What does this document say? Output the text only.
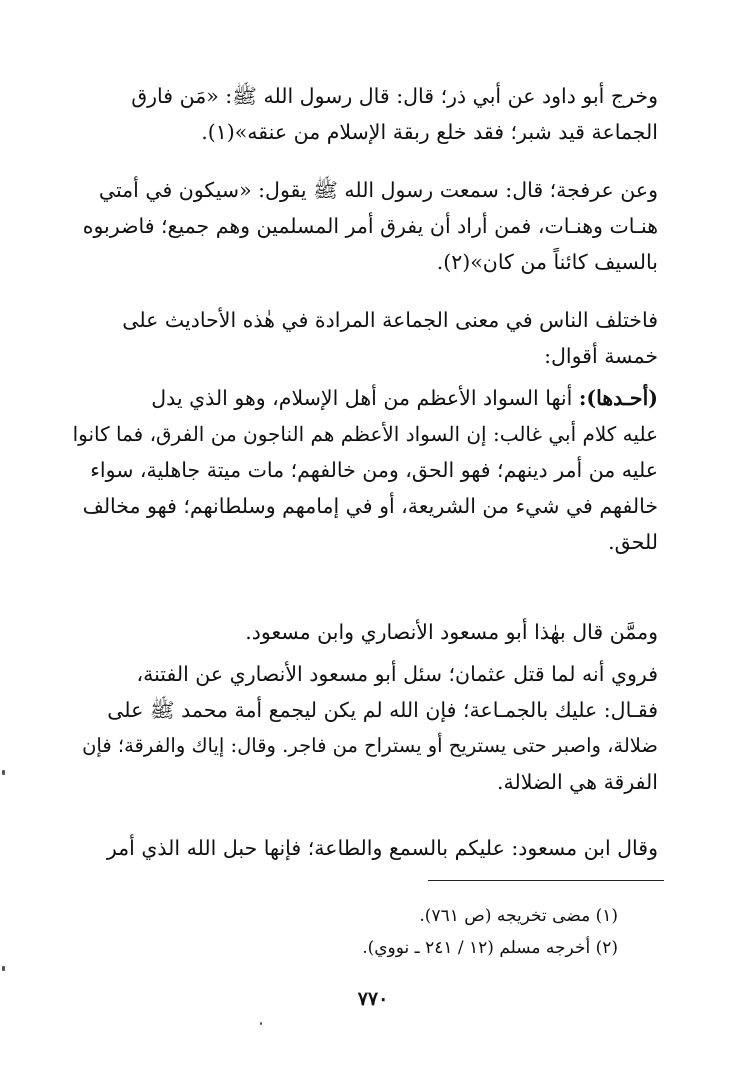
وخرج أبو داود عن أبي ذر؛ قال: قال رسول الله ﷺ: «مَن فارق
الجماعة قيد شبر؛ فقد خلع ربقة الإسلام من عنقه»(١).
وعن عرفجة؛ قال: سمعت رسول الله ﷺ يقول: «سيكون في أمتي
هنـات وهنـات، فمن أراد أن يفرق أمر المسلمين وهم جميع؛ فاضربوه
بالسيف كائناً من كان»(٢).
فاختلف الناس في معنى الجماعة المرادة في هٰذه الأحاديث على
خمسة أقوال:
(أحـدها): أنها السواد الأعظم من أهل الإسلام، وهو الذي يدل
عليه كلام أبي غالب: إن السواد الأعظم هم الناجون من الفرق، فما كانوا
عليه من أمر دينهم؛ فهو الحق، ومن خالفهم؛ مات ميتة جاهلية، سواء
خالفهم في شيء من الشريعة، أو في إمامهم وسلطانهم؛ فهو مخالف
للحق.
وممَّن قال بهٰذا أبو مسعود الأنصاري وابن مسعود.
فروي أنه لما قتل عثمان؛ سئل أبو مسعود الأنصاري عن الفتنة،
فقـال: عليك بالجمـاعة؛ فإن الله لم يكن ليجمع أمة محمد ﷺ على
ضلالة، واصبر حتى يستريح أو يستراح من فاجر. وقال: إياك والفرقة؛ فإن
الفرقة هي الضلالة.
وقال ابن مسعود: عليكم بالسمع والطاعة؛ فإنها حبل الله الذي أمر
(١) مضى تخريجه (ص ٧٦١).
(٢) أخرجه مسلم (١٢ / ٢٤١ ـ نووي).
٧٧٠
